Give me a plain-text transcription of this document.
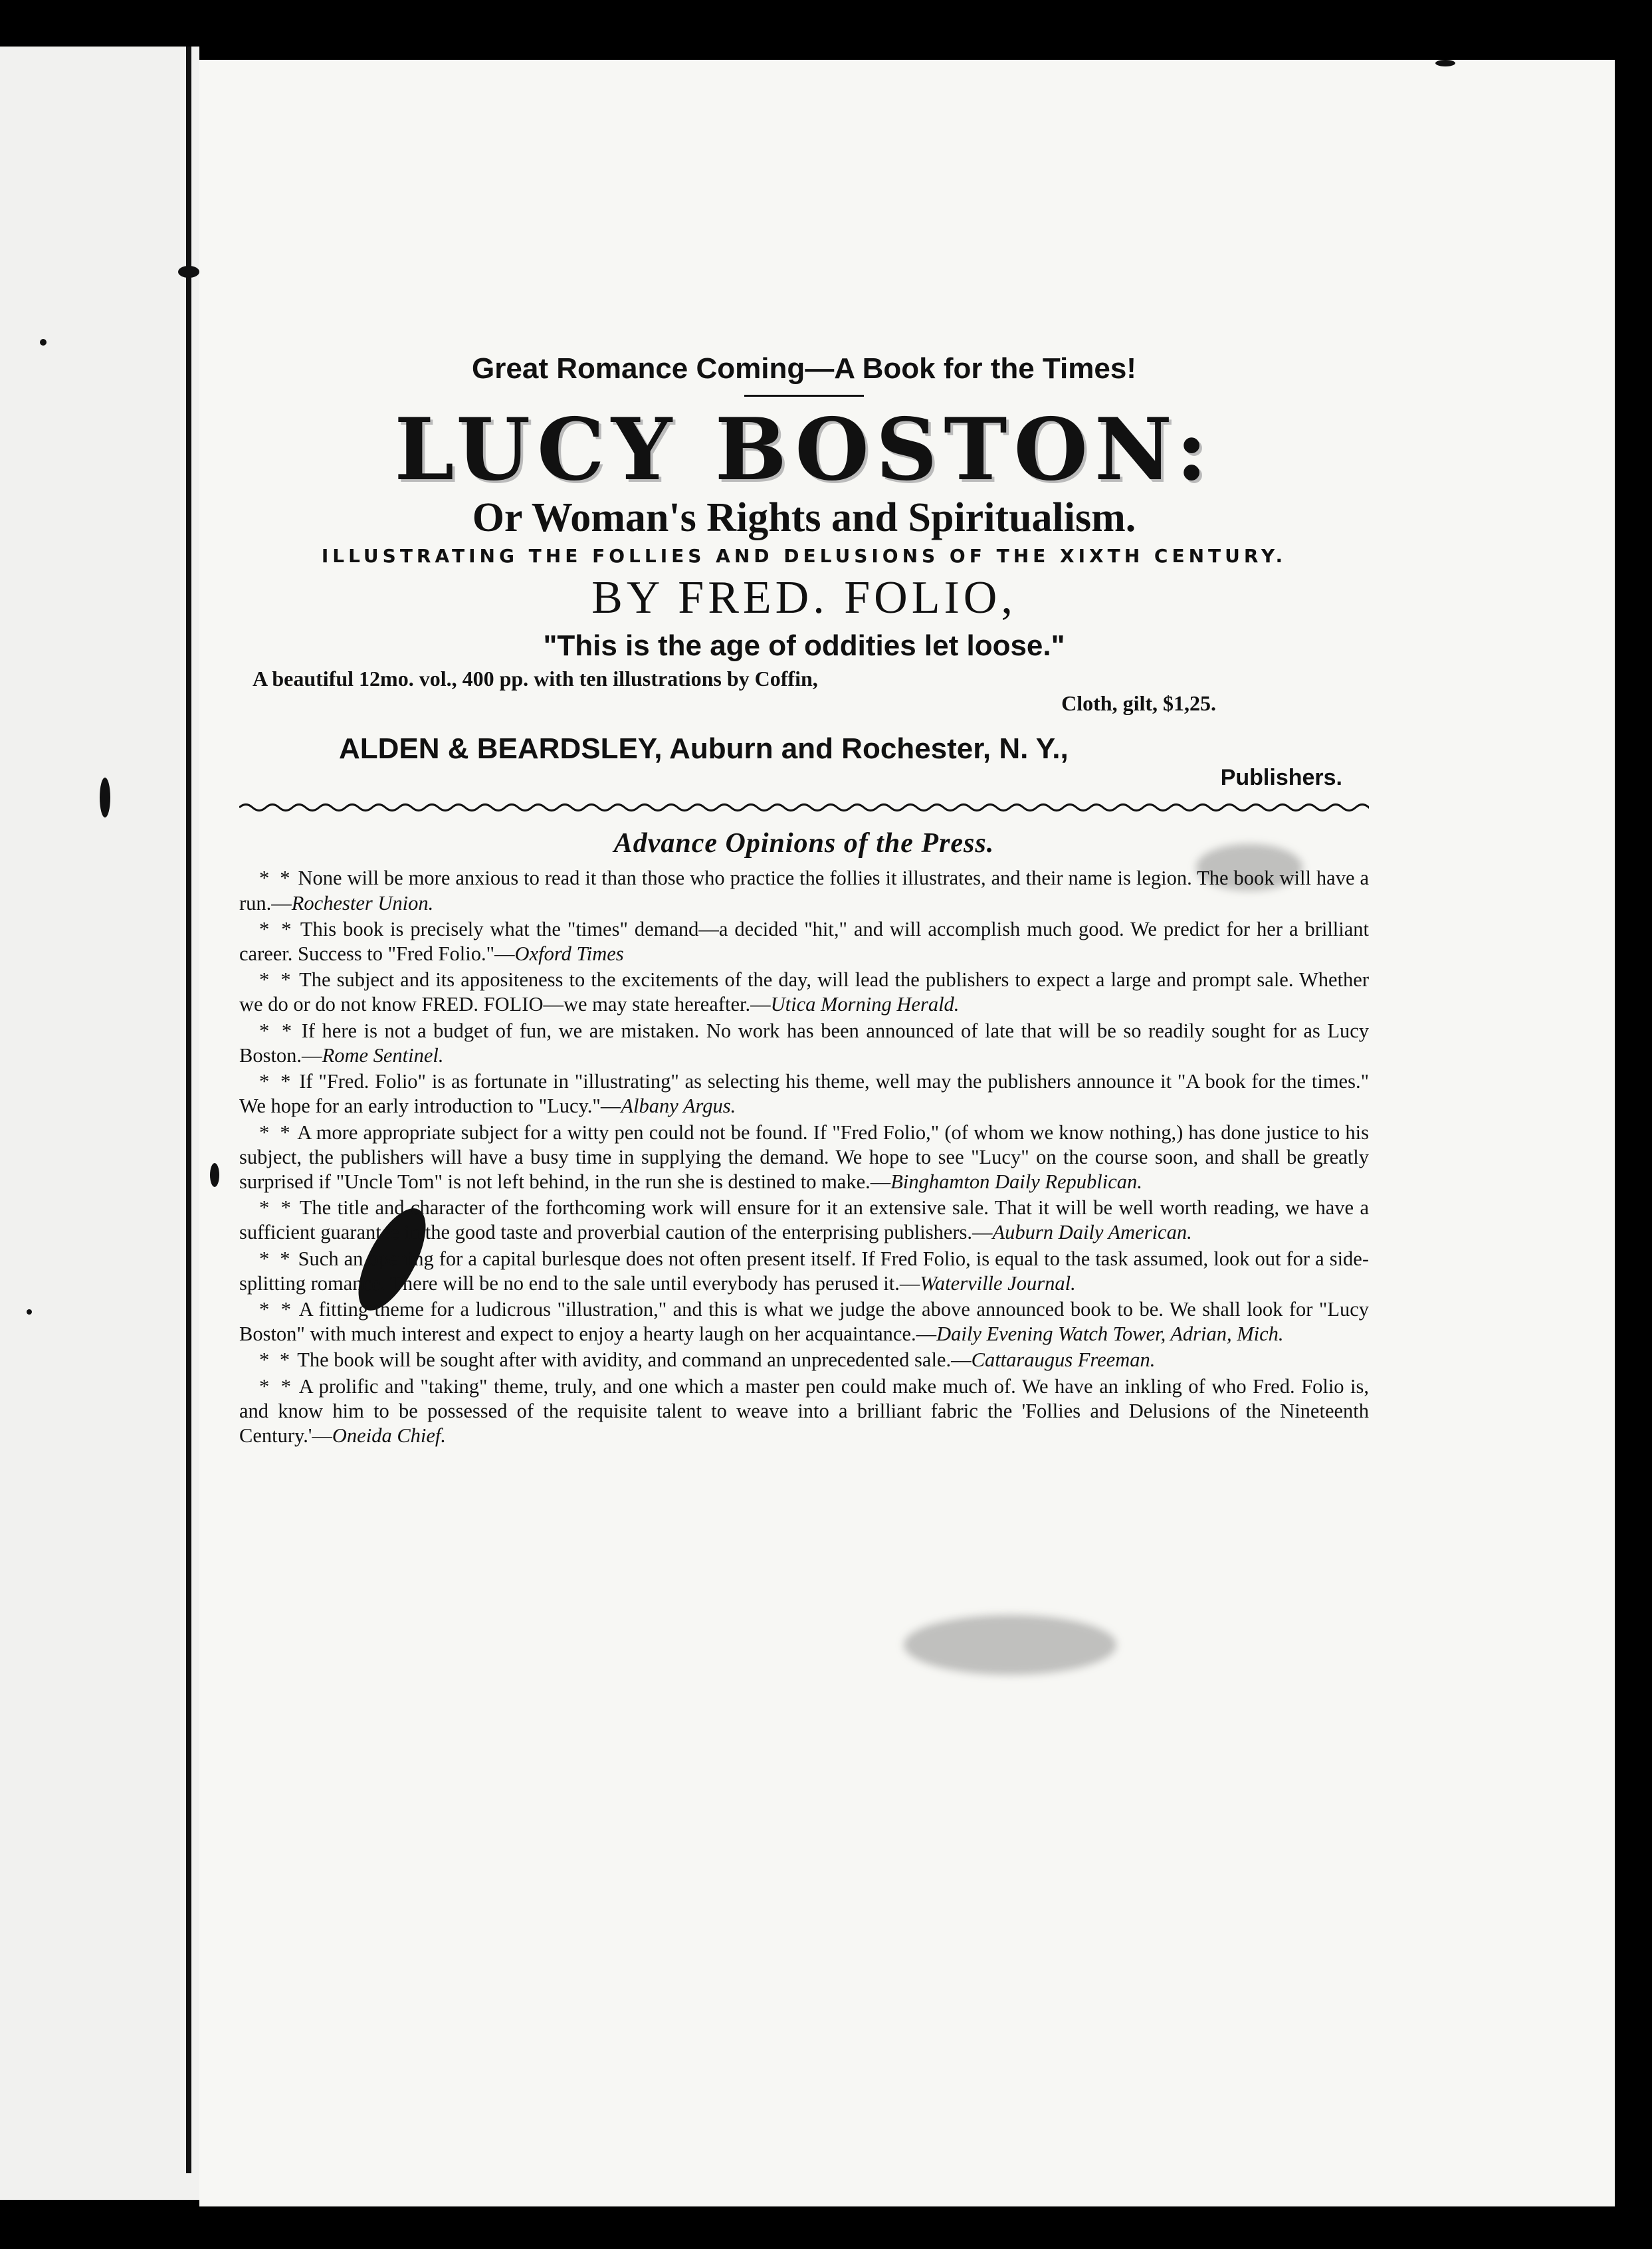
Great Romance Coming—A Book for the Times!

LUCY BOSTON:

Or Woman's Rights and Spiritualism.

ILLUSTRATING THE FOLLIES AND DELUSIONS OF THE XIXTH CENTURY.

BY FRED. FOLIO,

"This is the age of oddities let loose."

A beautiful 12mo. vol., 400 pp. with ten illustrations by Coffin,
Cloth, gilt, $1,25.

ALDEN & BEARDSLEY, Auburn and Rochester, N. Y.,

Publishers.

Advance Opinions of the Press.
* * None will be more anxious to read it than those who practice the follies it illustrates, and their name is legion. The book will have a run.—Rochester Union.
* * This book is precisely what the "times" demand—a decided "hit," and will accomplish much good. We predict for her a brilliant career. Success to "Fred Folio."—Oxford Times
* * The subject and its appositeness to the excitements of the day, will lead the publishers to expect a large and prompt sale. Whether we do or do not know FRED. FOLIO—we may state hereafter.—Utica Morning Herald.
* * If here is not a budget of fun, we are mistaken. No work has been announced of late that will be so readily sought for as Lucy Boston.—Rome Sentinel.
* * If "Fred. Folio" is as fortunate in "illustrating" as selecting his theme, well may the publishers announce it "A book for the times." We hope for an early introduction to "Lucy."—Albany Argus.
* * A more appropriate subject for a witty pen could not be found. If "Fred Folio," (of whom we know nothing,) has done justice to his subject, the publishers will have a busy time in supplying the demand. We hope to see "Lucy" on the course soon, and shall be greatly surprised if "Uncle Tom" is not left behind, in the run she is destined to make.—Binghamton Daily Republican.
* * The title and character of the forthcoming work will ensure for it an extensive sale. That it will be well worth reading, we have a sufficient guarantee in the good taste and proverbial caution of the enterprising publishers.—Auburn Daily American.
* * Such an opening for a capital burlesque does not often present itself. If Fred Folio, is equal to the task assumed, look out for a side-splitting romance. There will be no end to the sale until everybody has perused it.—Waterville Journal.
* * A fitting theme for a ludicrous "illustration," and this is what we judge the above announced book to be. We shall look for "Lucy Boston" with much interest and expect to enjoy a hearty laugh on her acquaintance.—Daily Evening Watch Tower, Adrian, Mich.
* * The book will be sought after with avidity, and command an unprecedented sale.—Cattaraugus Freeman.
* * A prolific and "taking" theme, truly, and one which a master pen could make much of. We have an inkling of who Fred. Folio is, and know him to be possessed of the requisite talent to weave into a brilliant fabric the 'Follies and Delusions of the Nineteenth Century.'—Oneida Chief.
